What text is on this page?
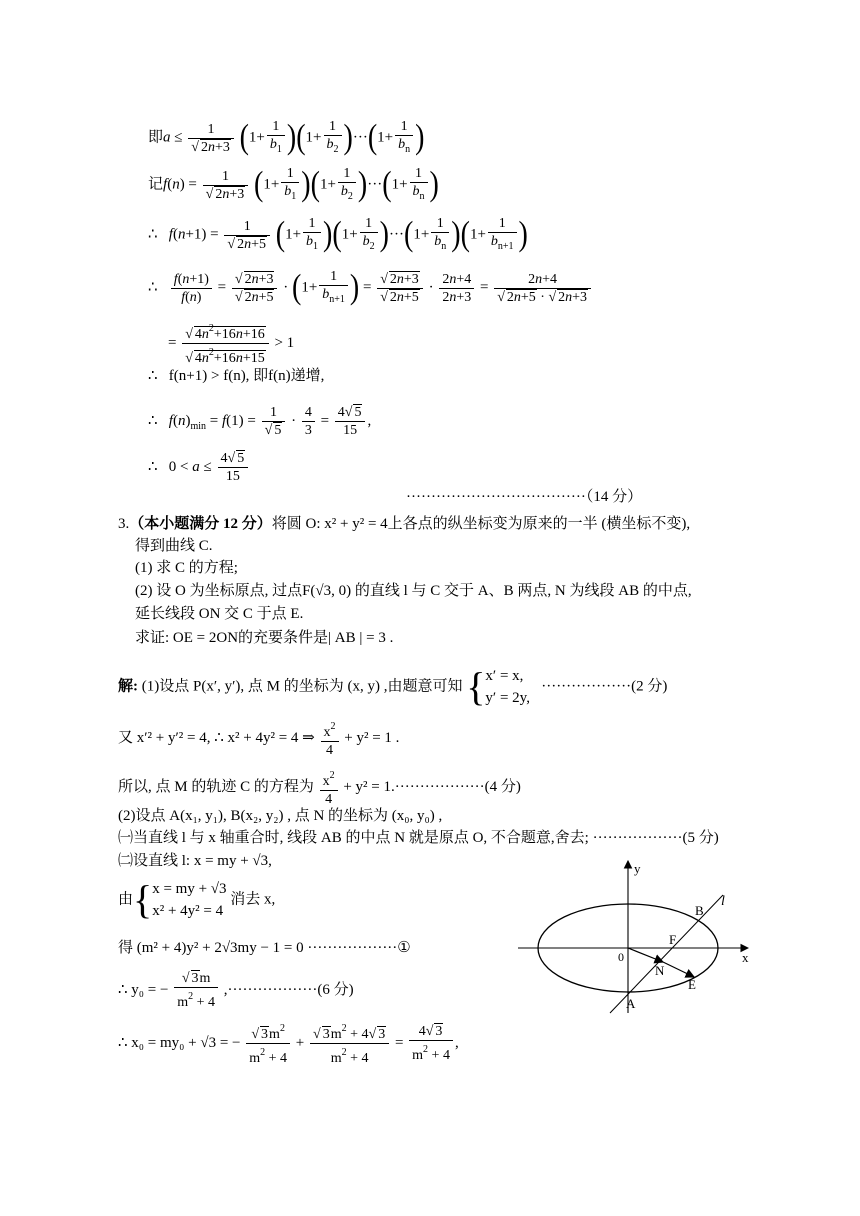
即$a \le \frac{1}{√ 2n+3} (1+ \frac{1}{b_1} )(1+ \frac{1}{b_2} )\cdot\cdot\cdot(1+ \frac{1}{b_n}$ )
记$f(n) = \frac{1}{√ 2n+3} (1+ \frac{1}{b_1} )(1+ \frac{1}{b_2} )\cdot\cdot\cdot(1+ \frac{1}{b_n}$ )
∴   $f(n+1) = \frac{1}{√ 2n+5} (1+ \frac{1}{b_1} )(1+ \frac{1}{b_2} )\cdot\cdot\cdot(1+ \frac{1}{b_n} )(1+ \frac{1}{b_{n+1}}$ )
∴ $\frac{f(n+1)}{f(n)} = \frac{√ 2n+3}{√ 2n+5} \cdot (1+ \frac{1}{b_{n+1}}$ ) = $\frac{√ 2n+3}{√ 2n+5} \cdot \frac{2n+4}{2n+3} = \frac{2n+4}{√ 2n+5 \cdot √ 2n+3}$
= $\frac{√ 4n^2+16n+16}{√ 4n^2+16n+15} > 1$
∴ f(n+1) > f(n), 即f(n)递增,
∴   $f(n)_{min} = f(1) = \frac{1}{√ 5} \cdot \frac{4}{3} = \frac{4√ 5}{15}$ ,
∴   $0 < a \le \frac{4√ 5}{15}$
····································（14 分）
3.（本小题满分 12 分）将圆 O: x² + y² = 4上各点的纵坐标变为原来的一半 (横坐标不变),
得到曲线 C.
(1) 求 C 的方程;
(2) 设 O 为坐标原点, 过点F(√3, 0) 的直线 l 与 C 交于 A、B 两点, N 为线段 AB 的中点,
延长线段 ON 交 C 于点 E.
求证: OE = 2ON的充要条件是| AB | = 3 .
解: (1)设点 P(x′, y′), 点 M 的坐标为 (x, y) ,由题意可知 { x′ = x,
y′ = 2y,
··················(2 分)
又 x′² + y′² = 4, ∴ x² + 4y² = 4 ⇒ $\frac{x^2}{4} + y^2 = 1$ .
所以, 点 M 的轨迹 C 的方程为 $\frac{x^2}{4} + y^2 = 1.\cdot\cdot\cdot\cdot\cdot\cdot\cdot\cdot\cdot\cdot\cdot\cdot\cdot\cdot\cdot\cdot\cdot\cdot(4$ 分)
(2)设点 A(x₁, y₁), B(x₂, y₂) , 点 N 的坐标为 (x₀, y₀) ,
㈠当直线 l 与 x 轴重合时, 线段 AB 的中点 N 就是原点 O, 不合题意,舍去; ··················(5 分)
㈡设直线 l: x = my + √3,
由{ x = my + √3
x² + 4y² = 4
消去 x,
得 (m² + 4)y² + 2√3my − 1 = 0 ··················①
∴ y₀ = − $\frac{√ 3m}{m^2 + 4} ,\cdot\cdot\cdot\cdot\cdot\cdot\cdot\cdot\cdot\cdot\cdot\cdot\cdot\cdot\cdot\cdot\cdot\cdot(6$ 分)
∴ x₀ = my₀ + √3 = − $\frac{√ 3m^2}{m^2 + 4} + \frac{√ 3m^2 + 4√ 3}{m^2 + 4} = \frac{4√ 3}{m^2 + 4}$ ,
y
x
0
B
l
F
N
E
A
